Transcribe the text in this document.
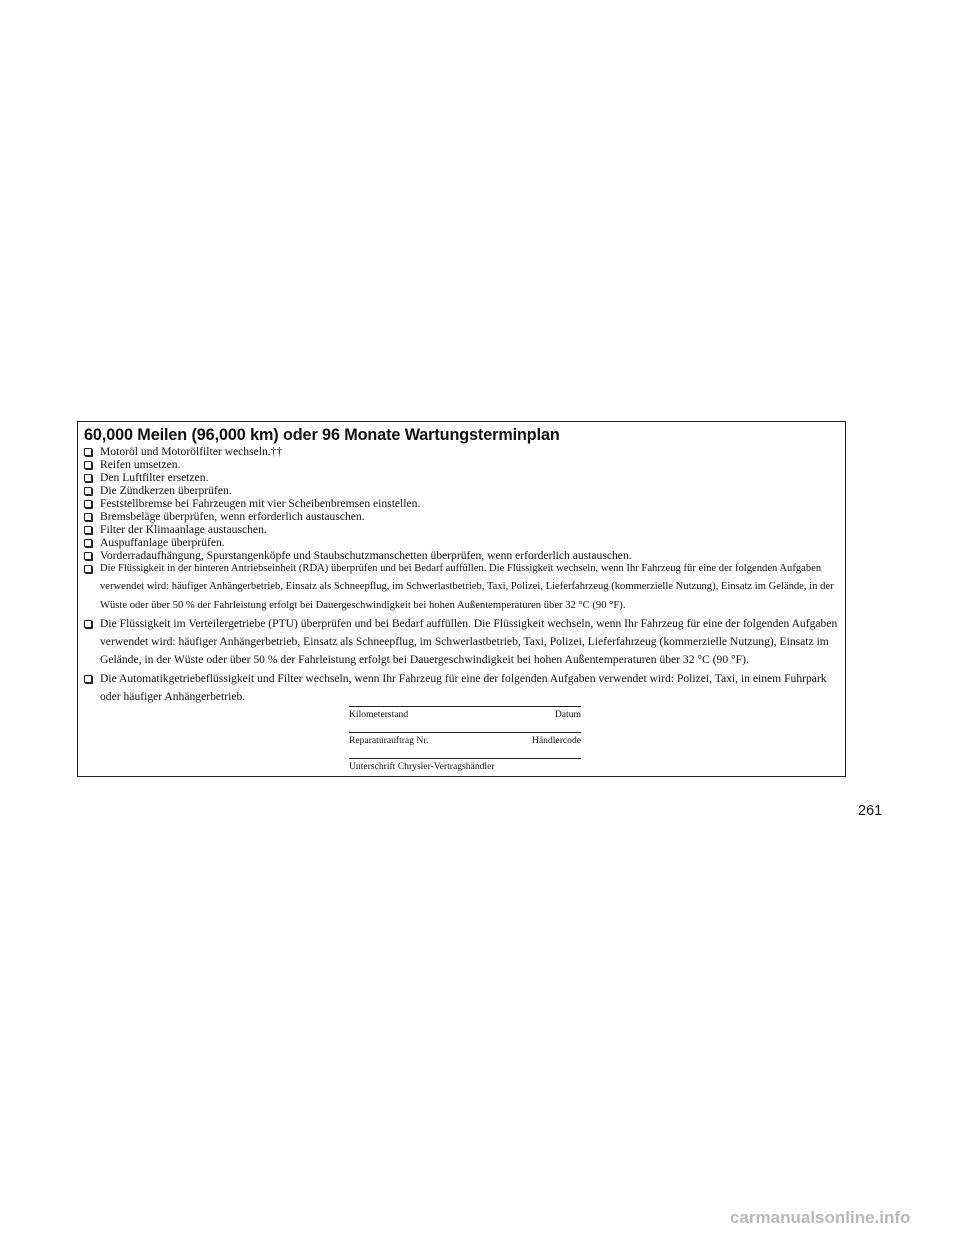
60,000 Meilen (96,000 km) oder 96 Monate Wartungsterminplan
Motoröl und Motorölfilter wechseln.††
Reifen umsetzen.
Den Luftfilter ersetzen.
Die Zündkerzen überprüfen.
Feststellbremse bei Fahrzeugen mit vier Scheibenbremsen einstellen.
Bremsbeläge überprüfen, wenn erforderlich austauschen.
Filter der Klimaanlage austauschen.
Auspuffanlage überprüfen.
Vorderradaufhängung, Spurstangenköpfe und Staubschutzmanschetten überprüfen, wenn erforderlich austauschen.
Die Flüssigkeit in der hinteren Antriebseinheit (RDA) überprüfen und bei Bedarf auffüllen. Die Flüssigkeit wechseln, wenn Ihr Fahrzeug für eine der folgenden Aufgaben verwendet wird: häufiger Anhängerbetrieb, Einsatz als Schneepflug, im Schwerlastbetrieb, Taxi, Polizei, Lieferfahrzeug (kommerzielle Nutzung), Einsatz im Gelände, in der Wüste oder über 50 % der Fahrleistung erfolgt bei Dauergeschwindigkeit bei hohen Außentemperaturen über 32 °C (90 °F).
Die Flüssigkeit im Verteilergetriebe (PTU) überprüfen und bei Bedarf auffüllen. Die Flüssigkeit wechseln, wenn Ihr Fahrzeug für eine der folgenden Aufgaben verwendet wird: häufiger Anhängerbetrieb, Einsatz als Schneepflug, im Schwerlastbetrieb, Taxi, Polizei, Lieferfahrzeug (kommerzielle Nutzung), Einsatz im Gelände, in der Wüste oder über 50 % der Fahrleistung erfolgt bei Dauergeschwindigkeit bei hohen Außentemperaturen über 32 °C (90 °F).
Die Automatikgetriebeflüssigkeit und Filter wechseln, wenn Ihr Fahrzeug für eine der folgenden Aufgaben verwendet wird: Polizei, Taxi, in einem Fuhrpark oder häufiger Anhängerbetrieb.
Kilometerstand	Datum
Reparaturauftrag Nr.	Händlercode
Unterschrift Chrysler-Vertragshändler
261
carmanualsonline.info
